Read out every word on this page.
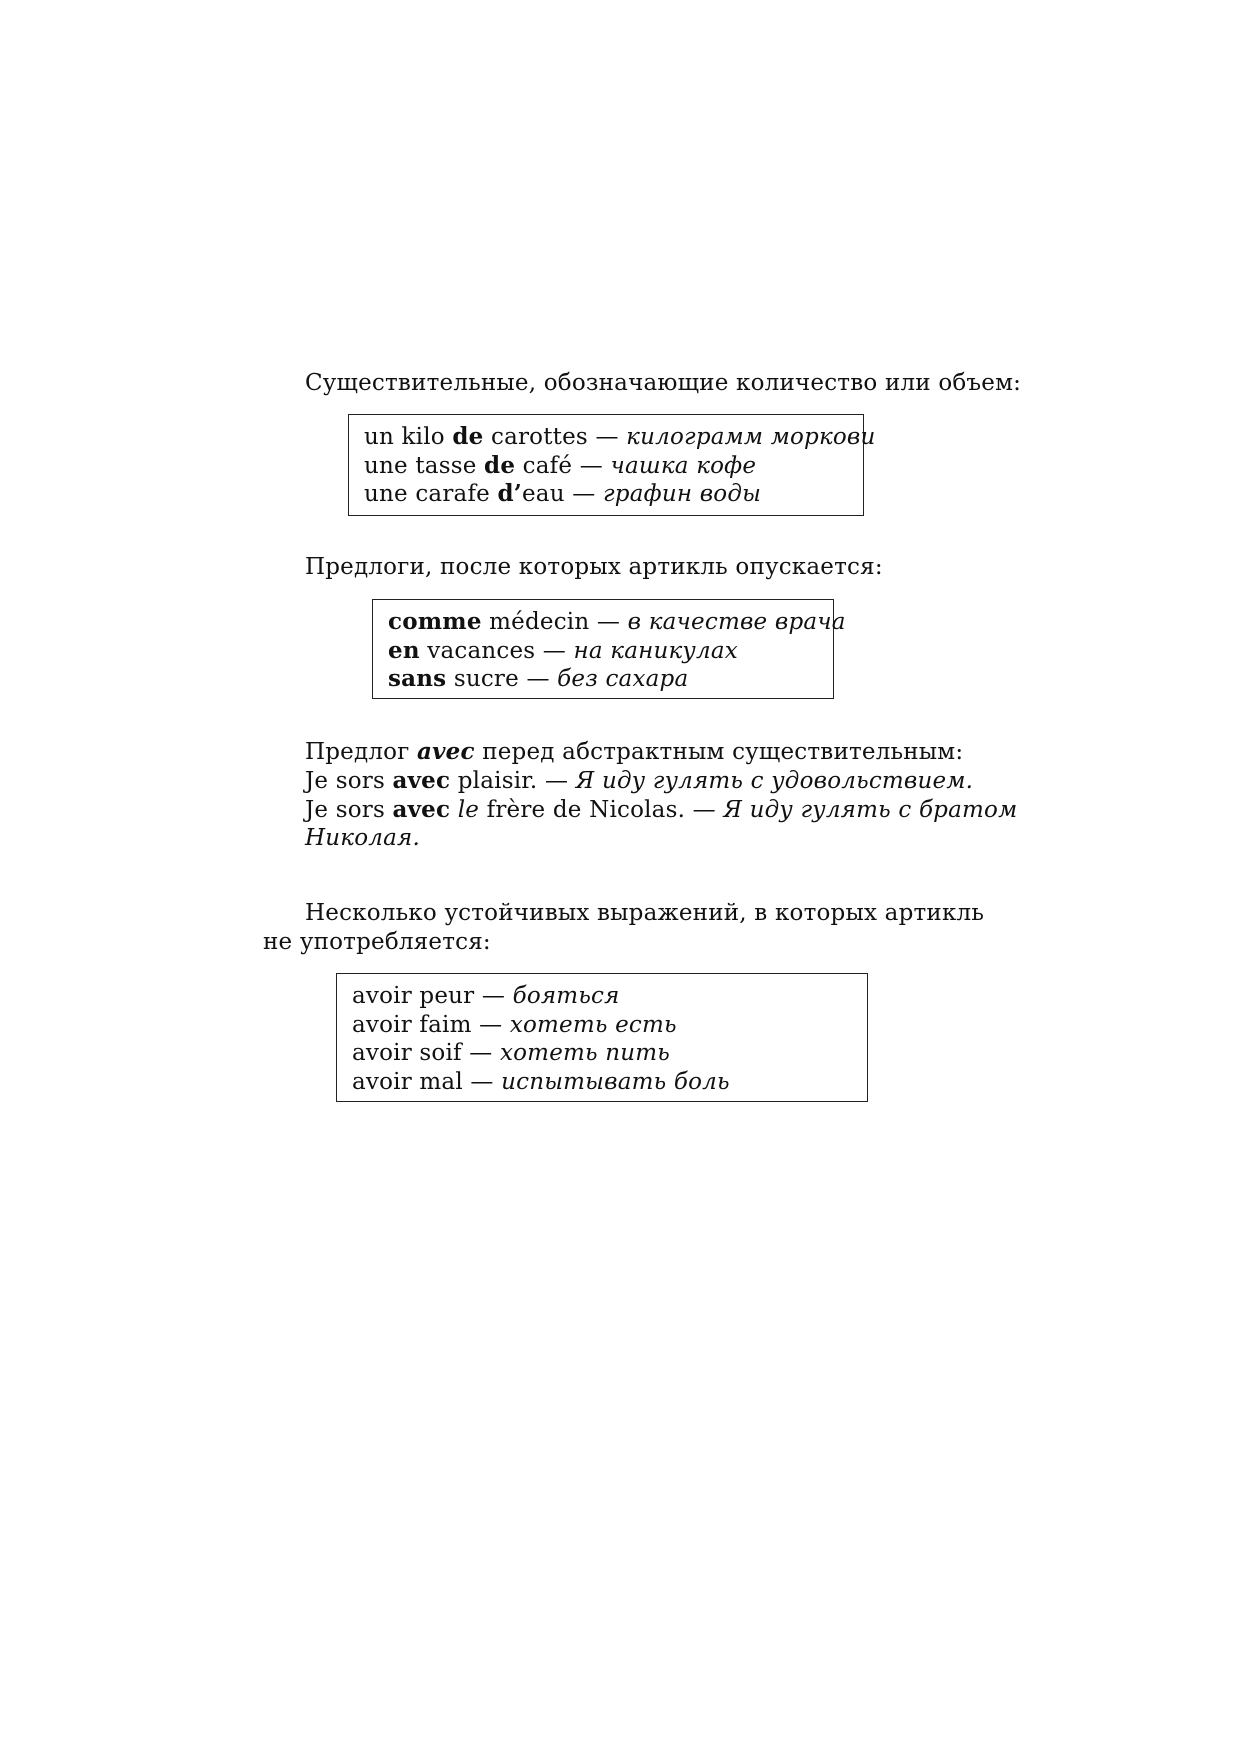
Существительные, обозначающие количество или объем:
un kilo de carottes — килограмм моркови
une tasse de café — чашка кофе
une carafe d’eau — графин воды
Предлоги, после которых артикль опускается:
comme médecin — в качестве врача
en vacances — на каникулах
sans sucre — без сахара
Предлог avec перед абстрактным существительным:
Je sors avec plaisir. — Я иду гулять с удовольствием.
Je sors avec le frère de Nicolas. — Я иду гулять с братом
Николая.
Несколько устойчивых выражений, в которых артикль
не употребляется:
avoir peur — бояться
avoir faim — хотеть есть
avoir soif — хотеть пить
avoir mal — испытывать боль
